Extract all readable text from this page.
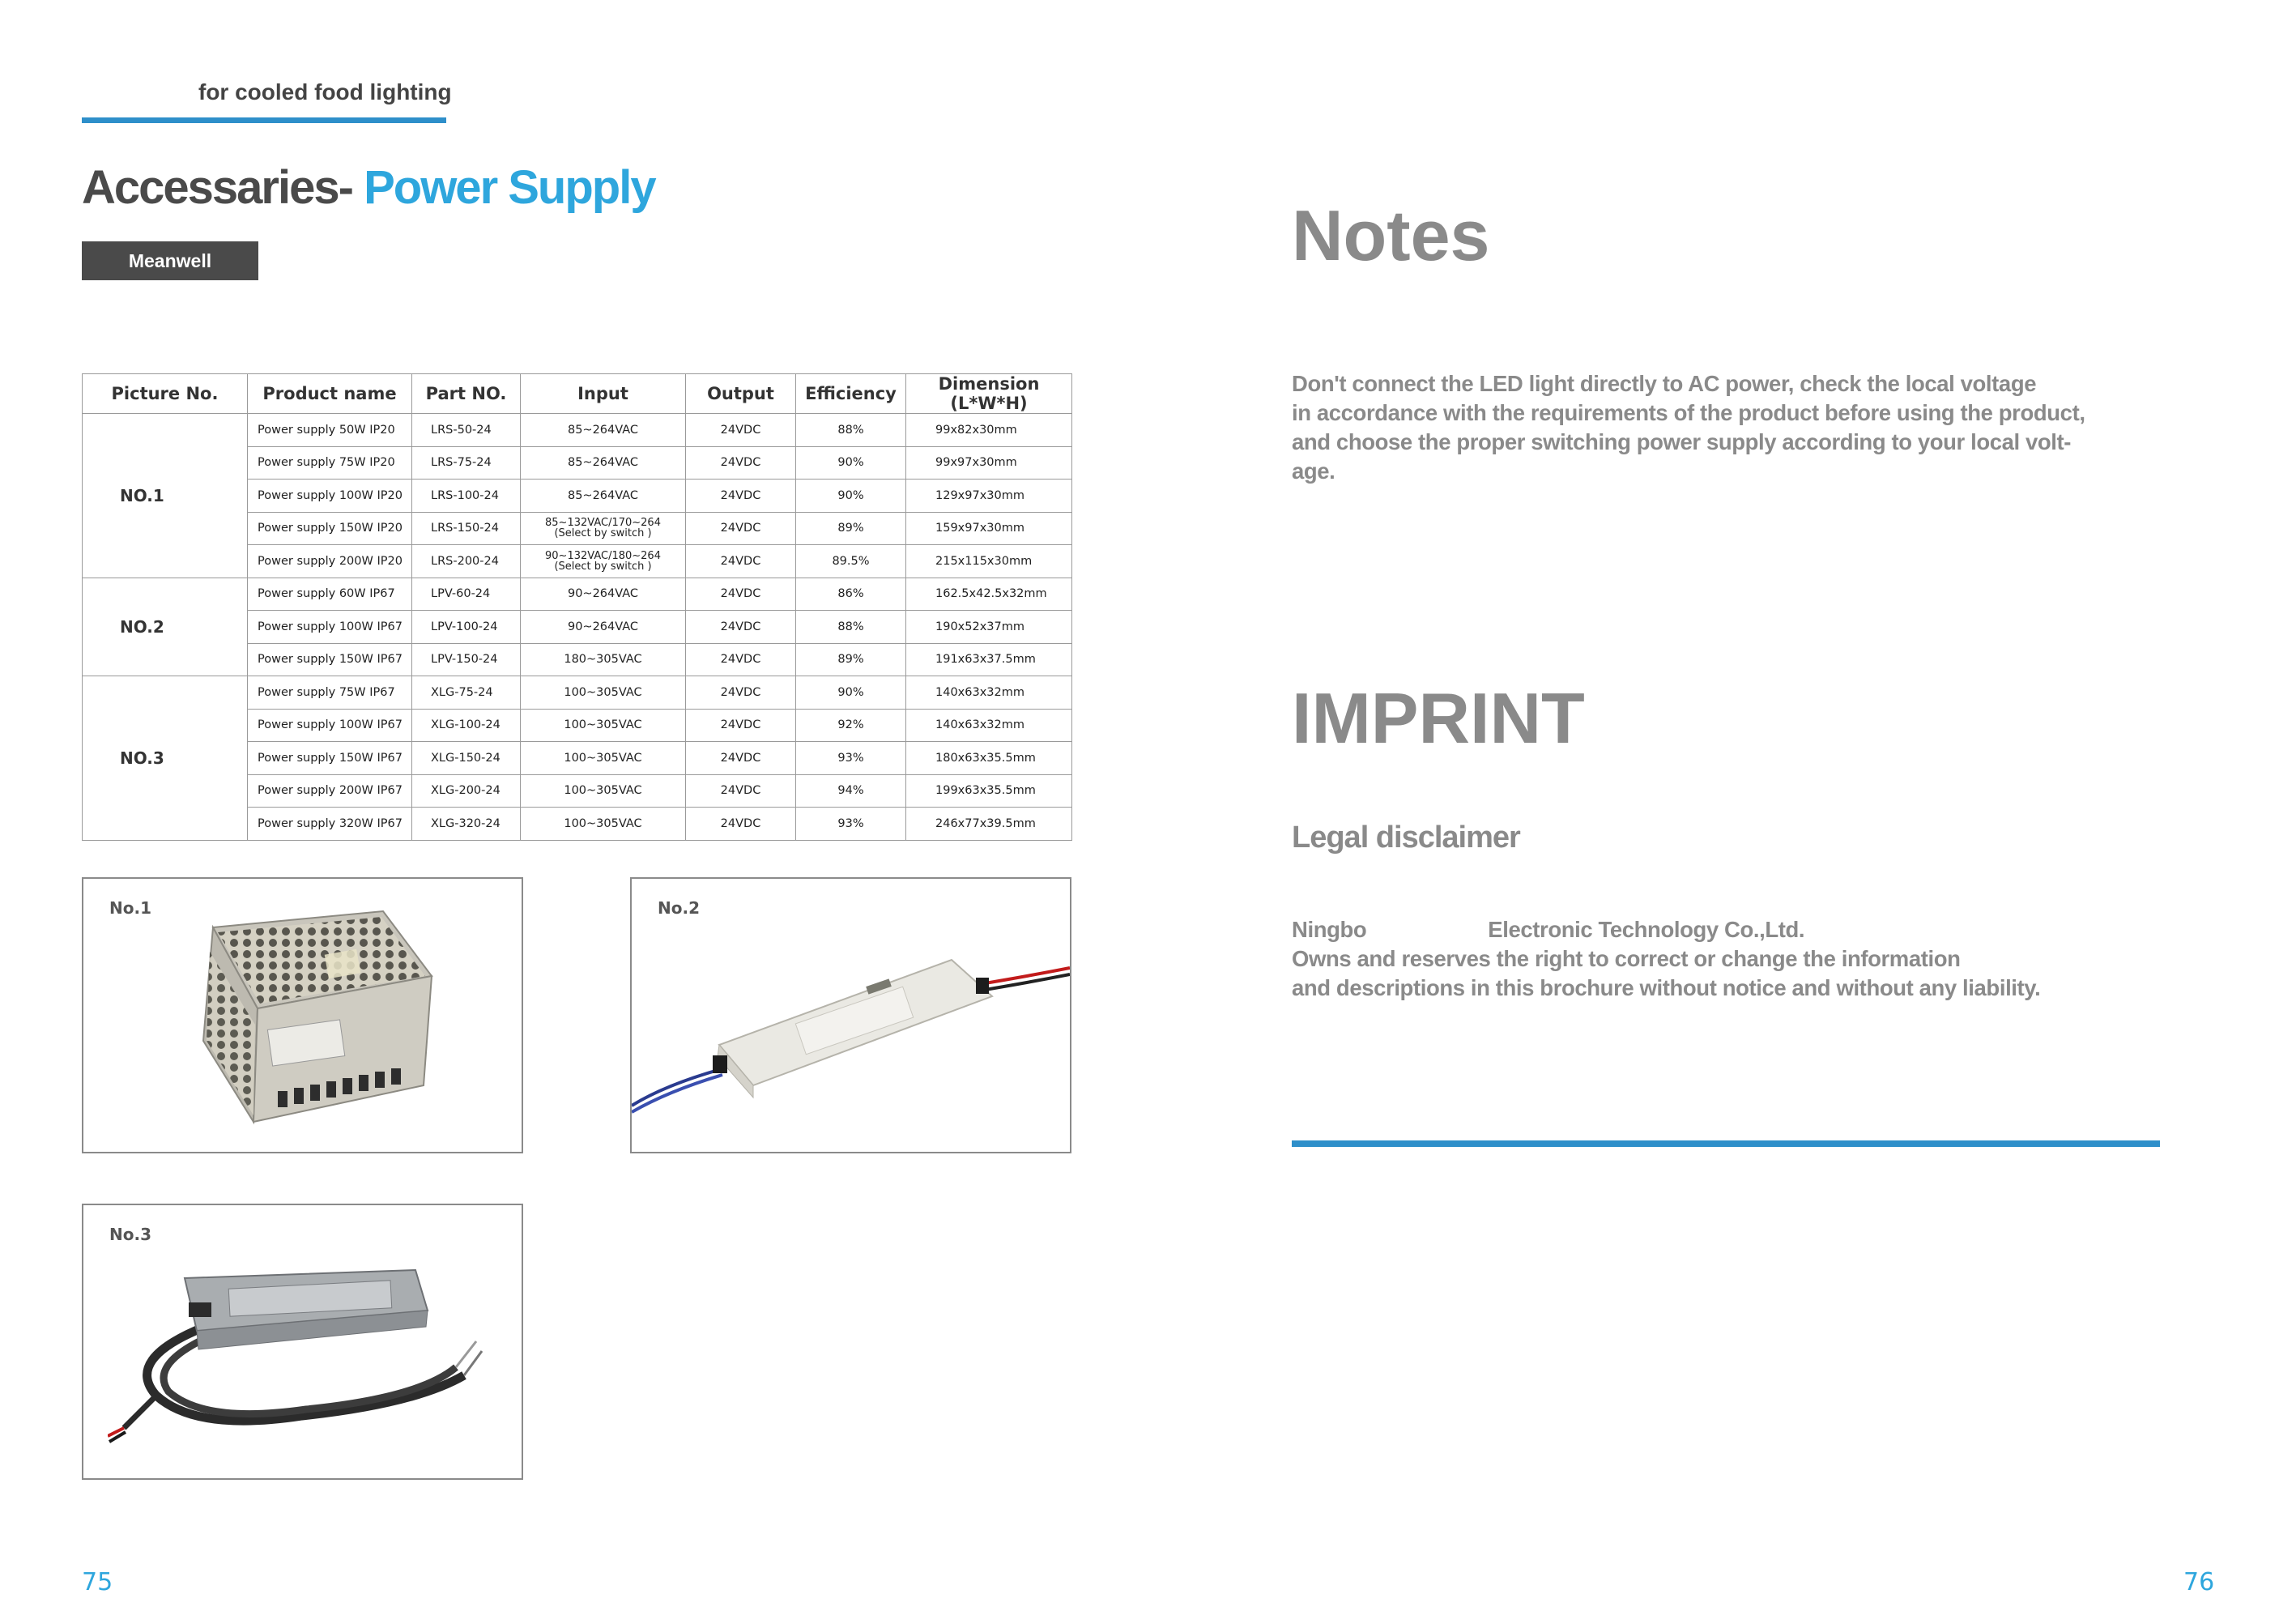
for cooled food lighting
Accessaries- Power Supply
Meanwell
Picture No.	Product name	Part NO.	Input	Output	Efficiency	Dimension (L*W*H)
NO.1	Power supply 50W IP20	LRS-50-24	85~264VAC	24VDC	88%	99x82x30mm
	Power supply 75W IP20	LRS-75-24	85~264VAC	24VDC	90%	99x97x30mm
	Power supply 100W IP20	LRS-100-24	85~264VAC	24VDC	90%	129x97x30mm
	Power supply 150W IP20	LRS-150-24	85~132VAC/170~264
(Select by switch )	24VDC	89%	159x97x30mm
	Power supply 200W IP20	LRS-200-24	90~132VAC/180~264
(Select by switch )	24VDC	89.5%	215x115x30mm
NO.2	Power supply 60W IP67	LPV-60-24	90~264VAC	24VDC	86%	162.5x42.5x32mm
	Power supply 100W IP67	LPV-100-24	90~264VAC	24VDC	88%	190x52x37mm
	Power supply 150W IP67	LPV-150-24	180~305VAC	24VDC	89%	191x63x37.5mm
NO.3	Power supply 75W IP67	XLG-75-24	100~305VAC	24VDC	90%	140x63x32mm
	Power supply 100W IP67	XLG-100-24	100~305VAC	24VDC	92%	140x63x32mm
	Power supply 150W IP67	XLG-150-24	100~305VAC	24VDC	93%	180x63x35.5mm
	Power supply 200W IP67	XLG-200-24	100~305VAC	24VDC	94%	199x63x35.5mm
	Power supply 320W IP67	XLG-320-24	100~305VAC	24VDC	93%	246x77x39.5mm
No.1	No.2
No.3
75
Notes
Don't connect the LED light directly to AC power, check the local voltage
in accordance with the requirements of the product before using the product,
and choose the proper switching power supply according to your local volt-
age.
IMPRINT
Legal disclaimer
Ningbo	Electronic Technology Co.,Ltd.
Owns and reserves the right to correct or change the information
and descriptions in this brochure without notice and without any liability.
76
